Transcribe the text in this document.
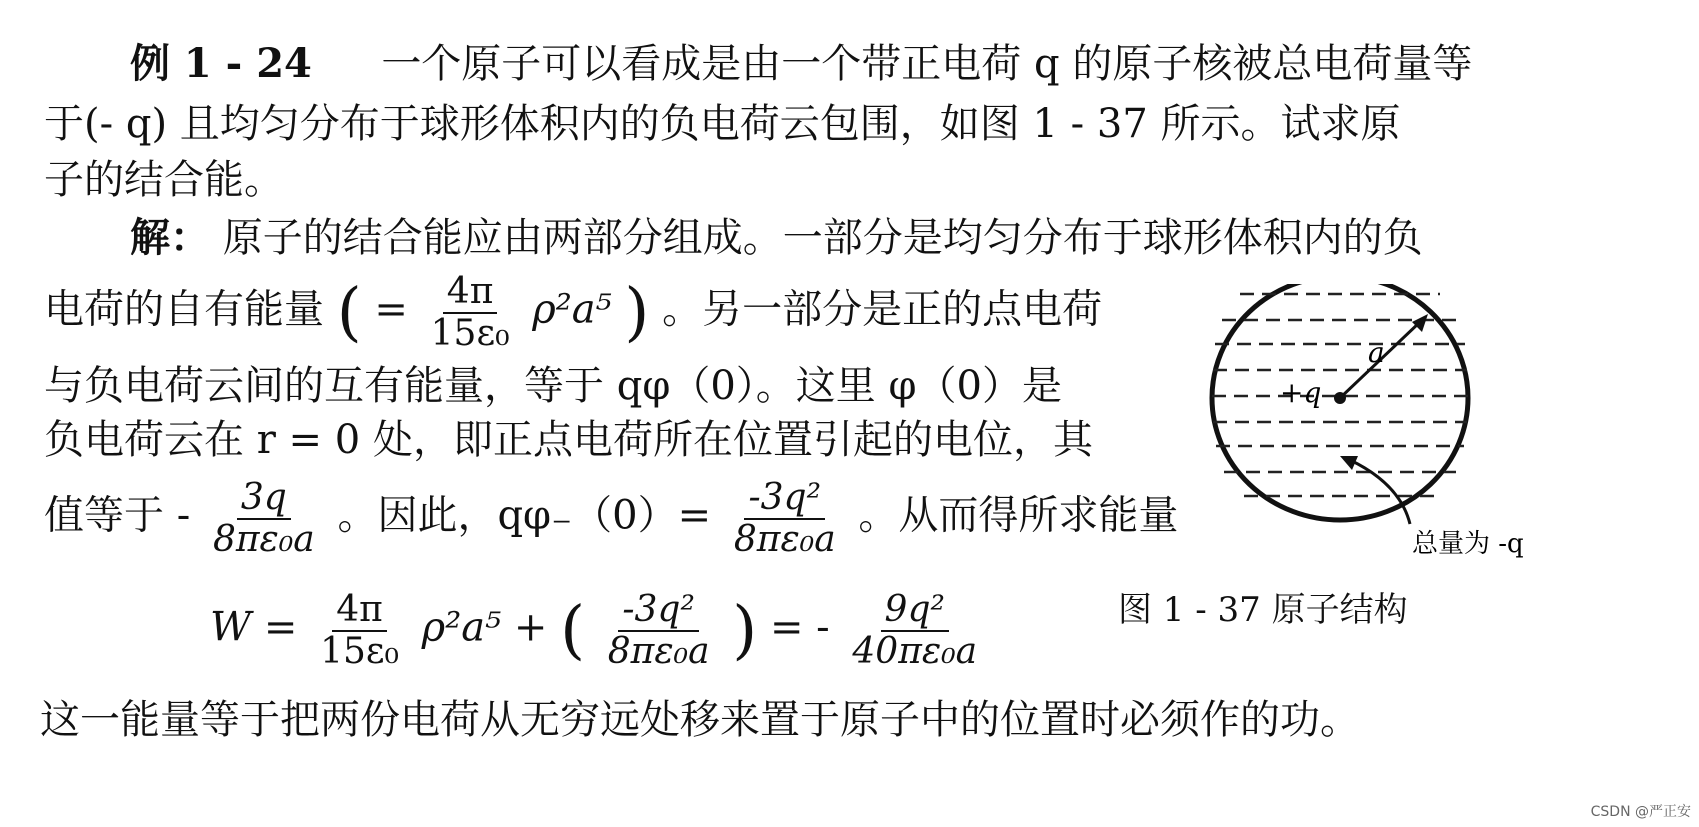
例 1 - 24 一个原子可以看成是由一个带正电荷 q 的原子核被总电荷量等
于(- q) 且均匀分布于球形体积内的负电荷云包围，如图 1 - 37 所示。试求原
子的结合能。
解： 原子的结合能应由两部分组成。一部分是均匀分布于球形体积内的负
电荷的自有能量 ( = $\frac{4\pi}{\text{15ε₀}} \rho^2a^5$ ) 。另一部分是正的点电荷
与负电荷云间的互有能量，等于 qφ（0）。这里 φ（0）是
负电荷云在 r = 0 处，即正点电荷所在位置引起的电位，其
值等于 - $\frac{3q}{\text{8πε₀a}}$ 。因此，$q\varphi_-(0)= \frac{\text{-3q²}}{\text{8πε₀a}}$ 。从而得所求能量
$W = \frac{4\pi}{\text{15ε₀}} \rho^2a^5$ + ( $\frac{\text{-3q²}}{\text{8πε₀a}}$ ) = - $\frac{\text{9q²}}{\text{40πε₀a}}$
这一能量等于把两份电荷从无穷远处移来置于原子中的位置时必须作的功。
a
+q
总量为 -q
图 1 - 37 原子结构
CSDN @严正安
